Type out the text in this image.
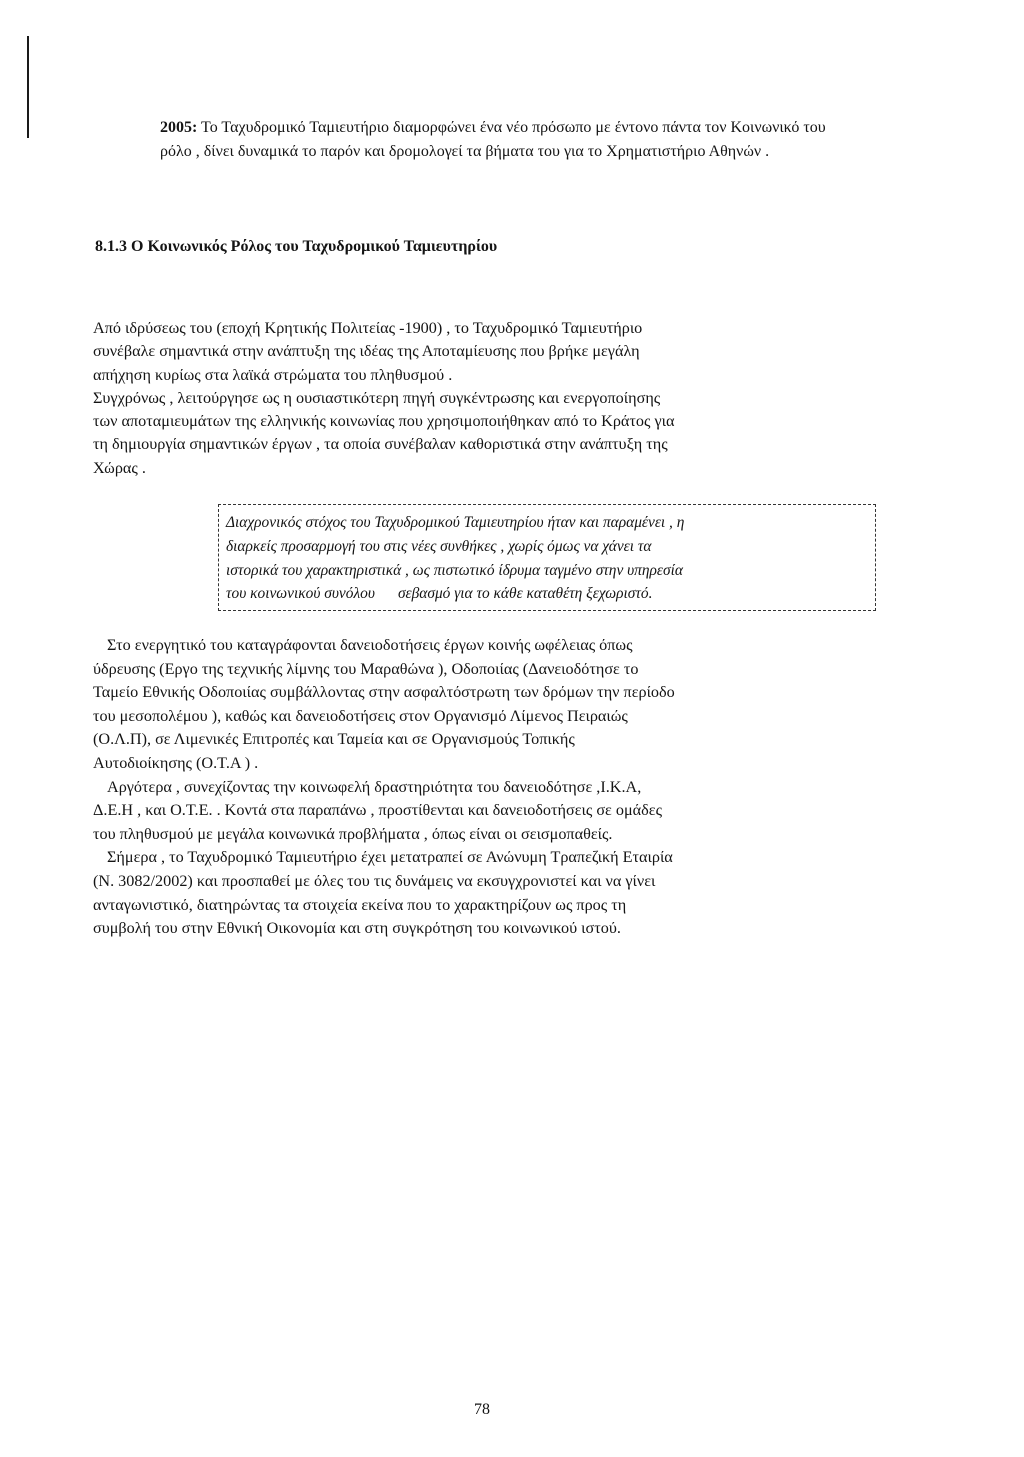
2005: Το Ταχυδρομικό Ταμιευτήριο διαμορφώνει ένα νέο πρόσωπο με έντονο πάντα τον Κοινωνικό του ρόλο , δίνει δυναμικά το παρόν και δρομολογεί τα βήματα του για το Χρηματιστήριο Αθηνών .

8.1.3 Ο Κοινωνικός Ρόλος του Ταχυδρομικού Ταμιευτηρίου

Από ιδρύσεως του (εποχή Κρητικής Πολιτείας -1900) , το Ταχυδρομικό Ταμιευτήριο
συνέβαλε σημαντικά στην ανάπτυξη της ιδέας της Αποταμίευσης που βρήκε μεγάλη
απήχηση κυρίως στα λαϊκά στρώματα του πληθυσμού .
Συγχρόνως , λειτούργησε ως η ουσιαστικότερη πηγή συγκέντρωσης και ενεργοποίησης
των αποταμιευμάτων της ελληνικής κοινωνίας που χρησιμοποιήθηκαν από το Κράτος για
τη δημιουργία σημαντικών έργων , τα οποία συνέβαλαν καθοριστικά στην ανάπτυξη της
Χώρας .

Διαχρονικός στόχος του Ταχυδρομικού Ταμιευτηρίου ήταν και παραμένει , η
διαρκείς προσαρμογή του στις νέες συνθήκες , χωρίς όμως να χάνει τα
ιστορικά του χαρακτηριστικά , ως πιστωτικό ίδρυμα ταγμένο στην υπηρεσία
του κοινωνικού συνόλου      σεβασμό για το κάθε καταθέτη ξεχωριστό.

Στο ενεργητικό του καταγράφονται δανειοδοτήσεις έργων κοινής ωφέλειας όπως
ύδρευσης (Εργο της τεχνικής λίμνης του Μαραθώνα ), Οδοποιίας (Δανειοδότησε το
Ταμείο Εθνικής Οδοποιίας συμβάλλοντας στην ασφαλτόστρωτη των δρόμων την περίοδο
του μεσοπολέμου ), καθώς και δανειοδοτήσεις στον Οργανισμό Λίμενος Πειραιώς
(Ο.Λ.Π), σε Λιμενικές Επιτροπές και Ταμεία και σε Οργανισμούς Τοπικής
Αυτοδιοίκησης (Ο.Τ.Α ) .
Αργότερα , συνεχίζοντας την κοινωφελή δραστηριότητα του δανειοδότησε ,Ι.Κ.Α,
Δ.Ε.Η , και Ο.Τ.Ε. . Κοντά στα παραπάνω , προστίθενται και δανειοδοτήσεις σε ομάδες
του πληθυσμού με μεγάλα κοινωνικά προβλήματα , όπως είναι οι σεισμοπαθείς.
Σήμερα , το Ταχυδρομικό Ταμιευτήριο έχει μετατραπεί σε Ανώνυμη Τραπεζική Εταιρία
(Ν. 3082/2002) και προσπαθεί με όλες του τις δυνάμεις να εκσυγχρονιστεί και να γίνει
ανταγωνιστικό, διατηρώντας τα στοιχεία εκείνα που το χαρακτηρίζουν ως προς τη
συμβολή του στην Εθνική Οικονομία και στη συγκρότηση του κοινωνικού ιστού.

78
